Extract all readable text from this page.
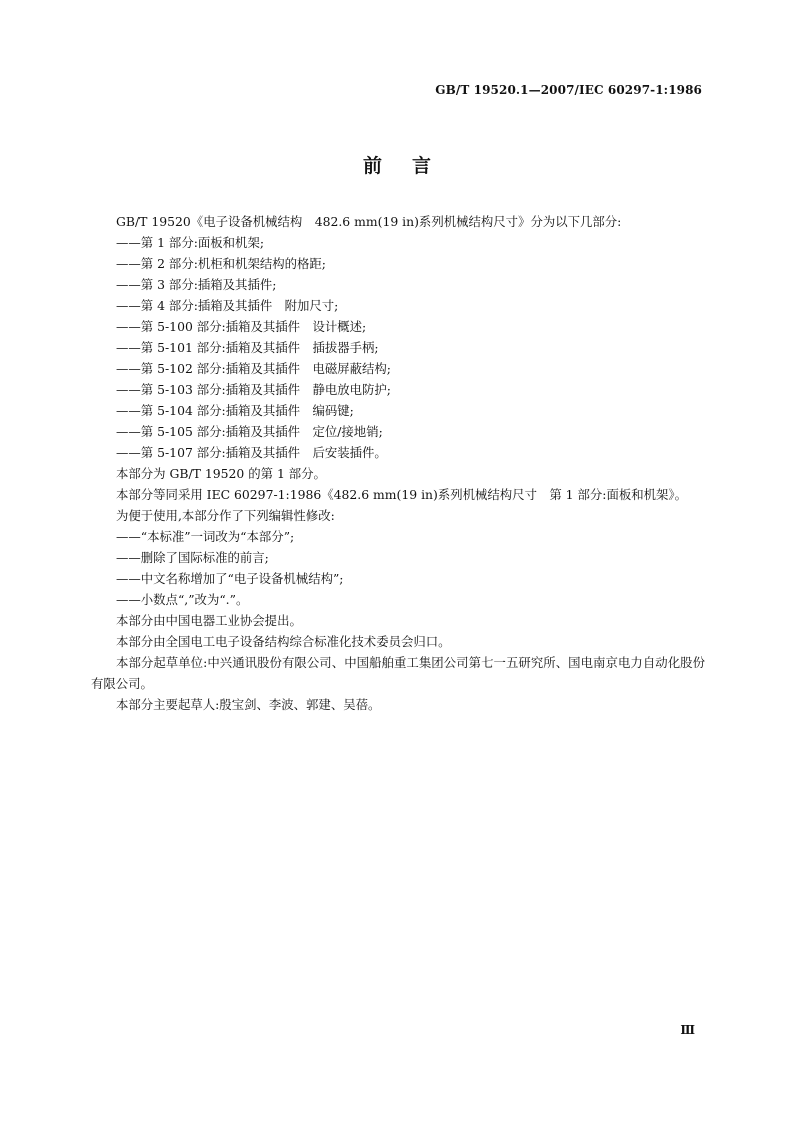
GB/T 19520.1—2007/IEC 60297-1:1986
前言
GB/T 19520《电子设备机械结构　482.6 mm(19 in)系列机械结构尺寸》分为以下几部分:
——第 1 部分:面板和机架;
——第 2 部分:机柜和机架结构的格距;
——第 3 部分:插箱及其插件;
——第 4 部分:插箱及其插件　附加尺寸;
——第 5-100 部分:插箱及其插件　设计概述;
——第 5-101 部分:插箱及其插件　插拔器手柄;
——第 5-102 部分:插箱及其插件　电磁屏蔽结构;
——第 5-103 部分:插箱及其插件　静电放电防护;
——第 5-104 部分:插箱及其插件　编码键;
——第 5-105 部分:插箱及其插件　定位/接地销;
——第 5-107 部分:插箱及其插件　后安装插件。
本部分为 GB/T 19520 的第 1 部分。
本部分等同采用 IEC 60297-1:1986《482.6 mm(19 in)系列机械结构尺寸　第 1 部分:面板和机架》。
为便于使用,本部分作了下列编辑性修改:
——“本标准”一词改为“本部分”;
——删除了国际标准的前言;
——中文名称增加了“电子设备机械结构”;
——小数点“,”改为“.”。
本部分由中国电器工业协会提出。
本部分由全国电工电子设备结构综合标准化技术委员会归口。
本部分起草单位:中兴通讯股份有限公司、中国船舶重工集团公司第七一五研究所、国电南京电力自动化股份有限公司。
本部分主要起草人:殷宝剑、李波、郭建、吴蓓。
Ⅲ
